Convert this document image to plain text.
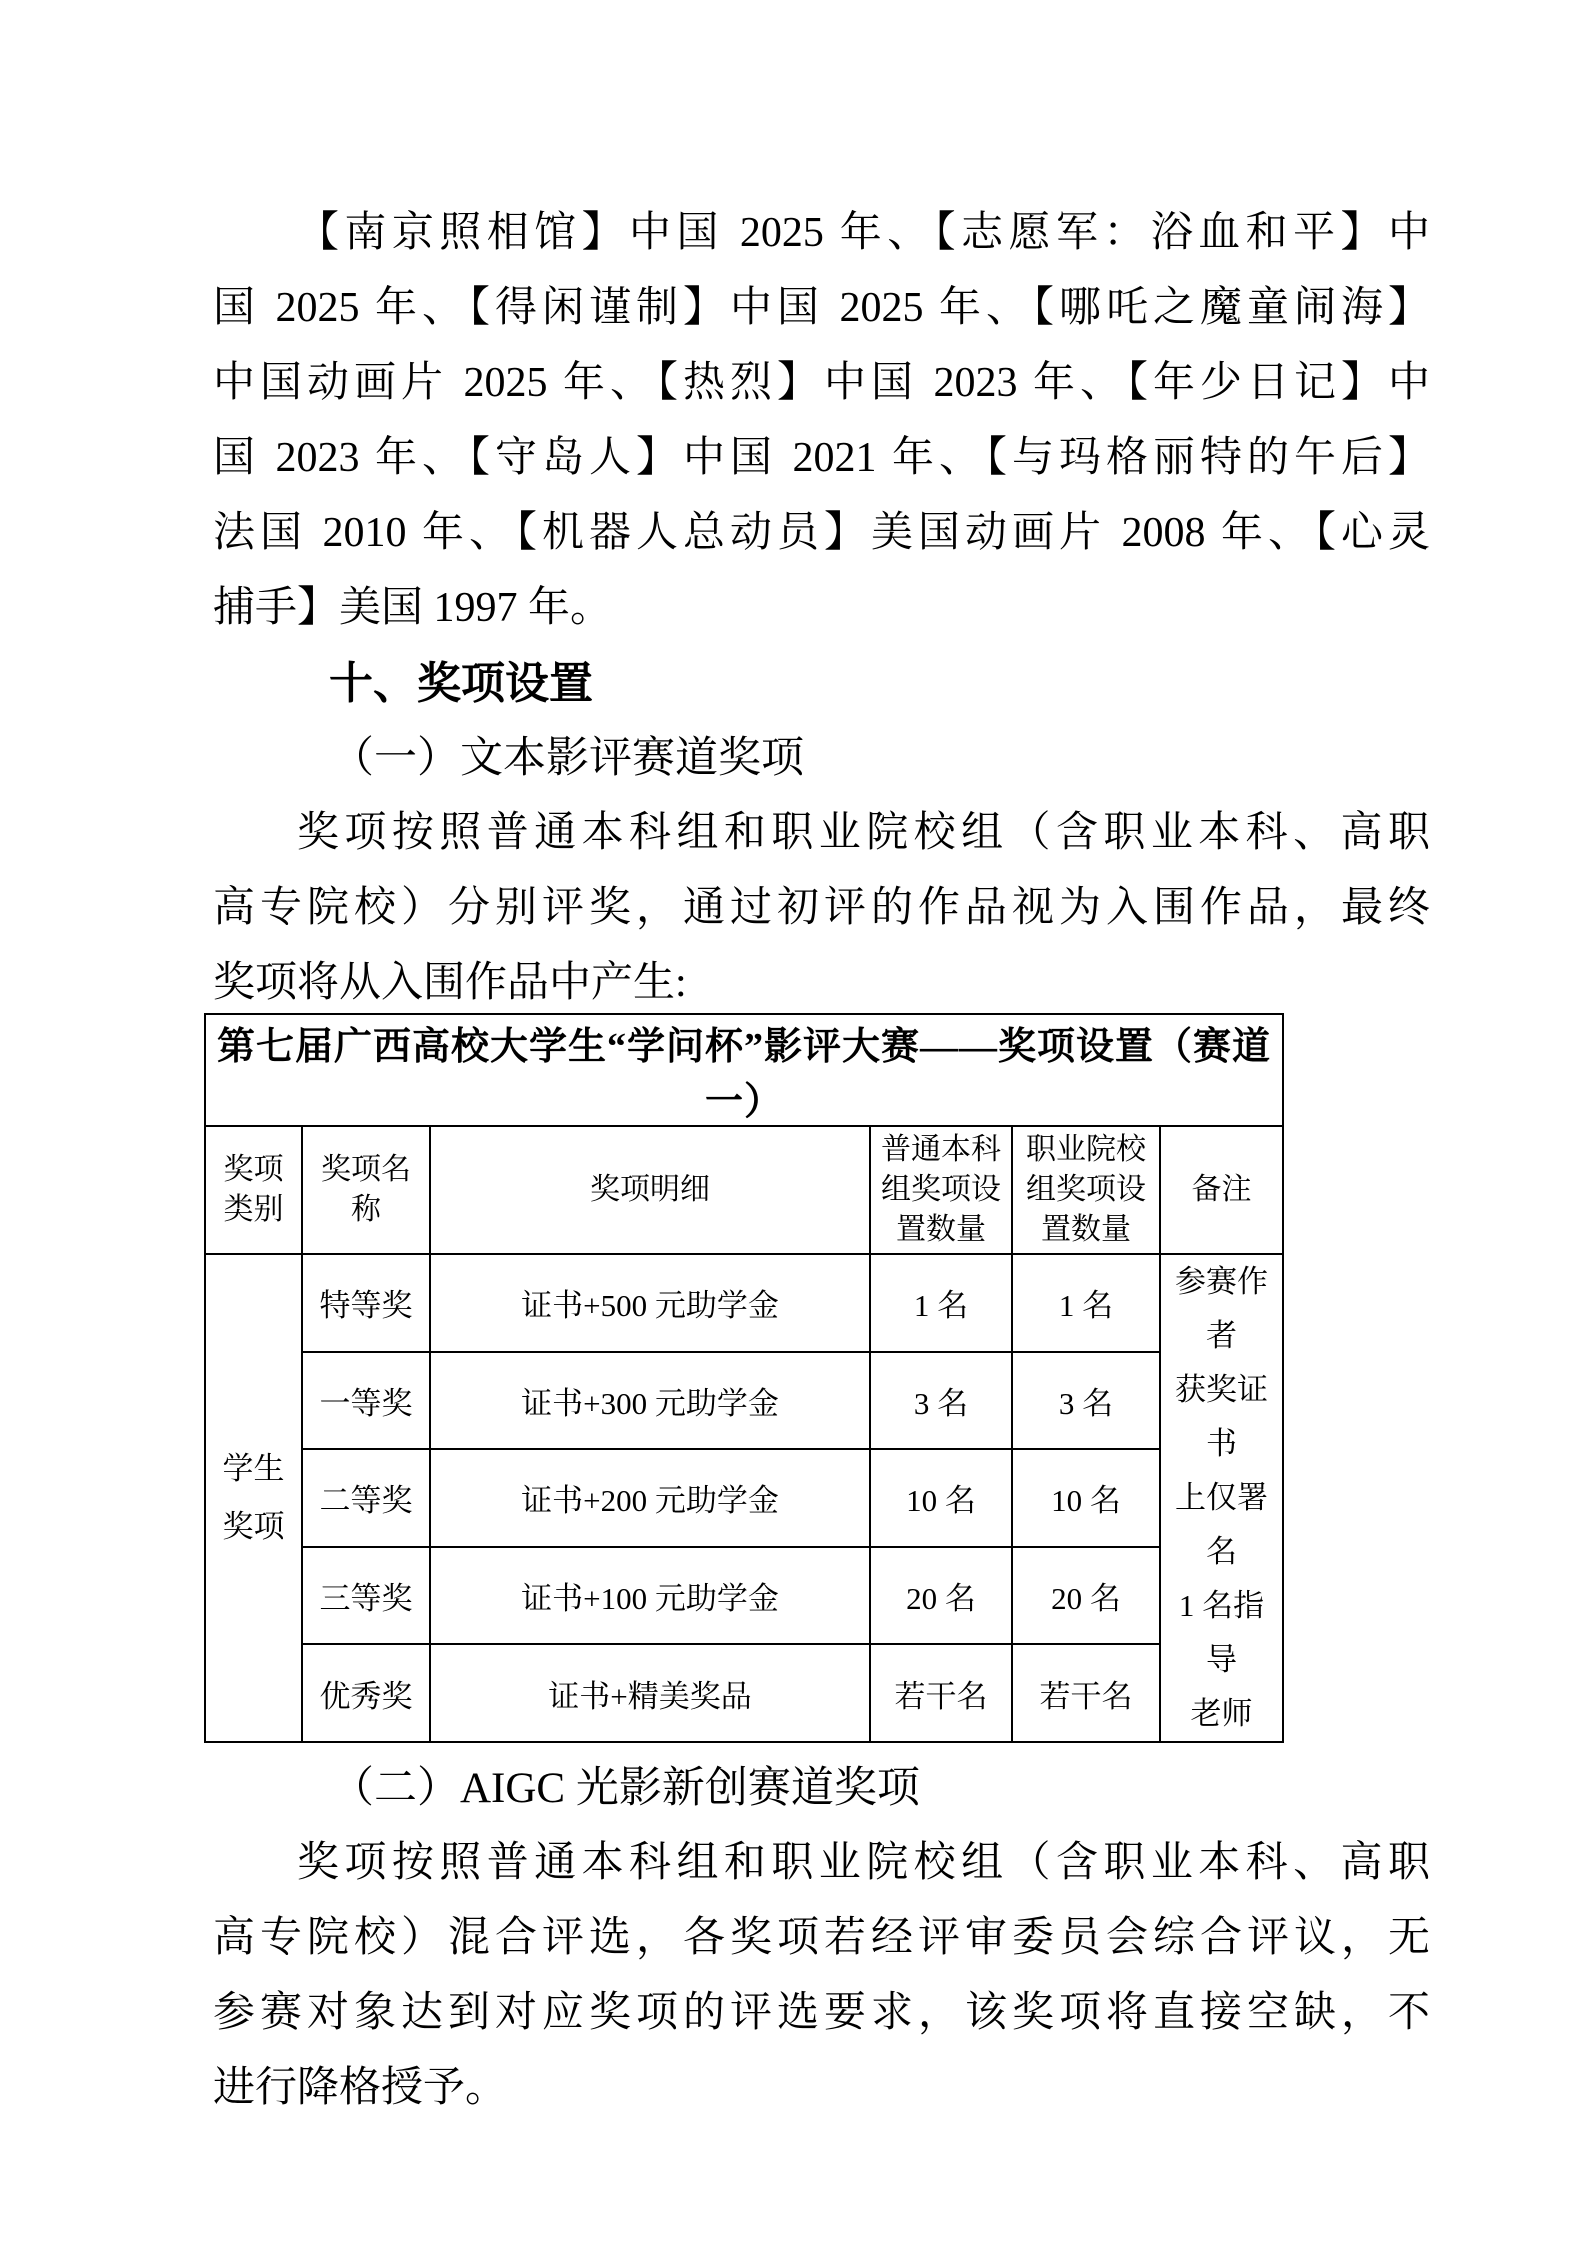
【南京照相馆】中国 2025 年、【志愿军：浴血和平】中
国 2025 年、【得闲谨制】中国 2025 年、【哪吒之魔童闹海】
中国动画片 2025 年、【热烈】中国 2023 年、【年少日记】中
国 2023 年、【守岛人】中国 2021 年、【与玛格丽特的午后】
法国 2010 年、【机器人总动员】美国动画片 2008 年、【心灵
捕手】美国 1997 年。
十、奖项设置
（一）文本影评赛道奖项
奖项按照普通本科组和职业院校组（含职业本科、高职
高专院校）分别评奖，通过初评的作品视为入围作品，最终
奖项将从入围作品中产生:
第七届广西高校大学生“学问杯”影评大赛——奖项设置（赛道一）					
奖项类别	奖项名称	奖项明细	普通本科组奖项设置数量	职业院校组奖项设置数量	备注
学生奖项	特等奖	证书+500 元助学金	1 名	1 名	参赛作者
获奖证书
上仅署名
1 名指导
老师

	一等奖	证书+300 元助学金	3 名	3 名	
	二等奖	证书+200 元助学金	10 名	10 名	
	三等奖	证书+100 元助学金	20 名	20 名	
	优秀奖	证书+精美奖品	若干名	若干名	
（二）AIGC 光影新创赛道奖项
奖项按照普通本科组和职业院校组（含职业本科、高职
高专院校）混合评选，各奖项若经评审委员会综合评议，无
参赛对象达到对应奖项的评选要求，该奖项将直接空缺，不
进行降格授予。
